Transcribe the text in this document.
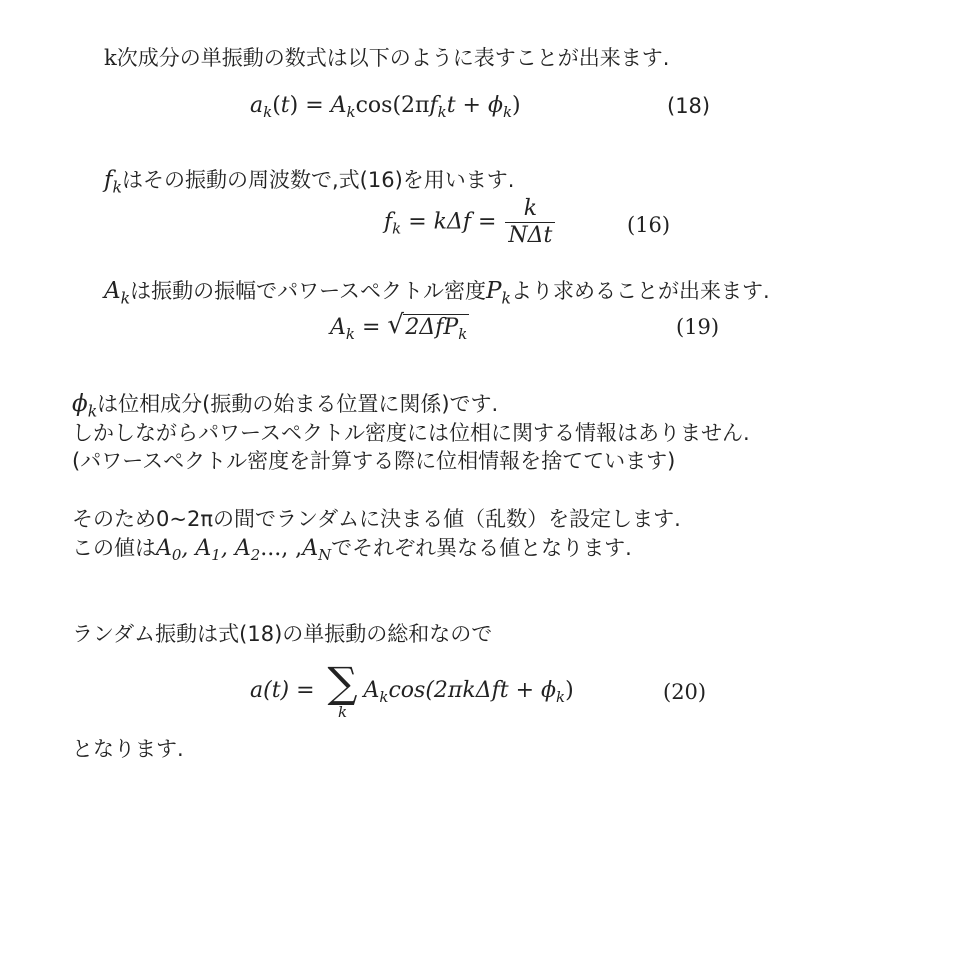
k次成分の単振動の数式は以下のように表すことが出来ます.
$a_k(t) = A_k\cos(2\pi f_kt + \phi_k)$	(18)
$f_k$はその振動の周波数で,式(16)を用います.
$f_k = k\Delta f = \frac{k}{\text{NΔt}}$	(16)
$A_k$は振動の振幅でパワースペクトル密度$P_k$より求めることが出来ます.
$A_k$ = √ 2ΔfP$_k$	(19)
$\phi_k$は位相成分(振動の始まる位置に関係)です.
しかしながらパワースペクトル密度には位相に関する情報はありません.
(パワースペクトル密度を計算する際に位相情報を捨てています)
そのため0~2πの間でランダムに決まる値（乱数）を設定します.
この値は$A_0$, $A_1$, $A_2$..., $,A_N$でそれぞれ異なる値となります.
ランダム振動は式(18)の単振動の総和なので
a(t) = ∑
k
$A_k\cos(2\pi k\Delta ft + \phi_k)$	(20)
となります.
